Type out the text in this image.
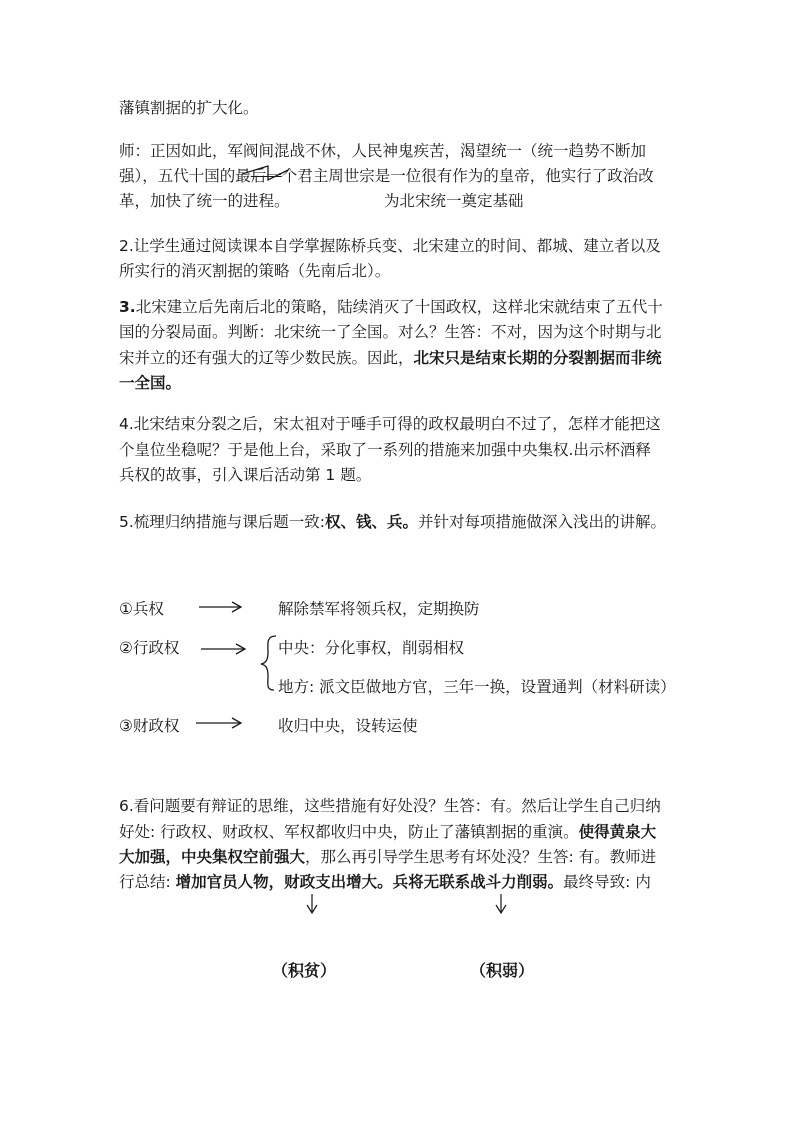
藩镇割据的扩大化。
师：正因如此，军阀间混战不休，人民神鬼疾苦，渴望统一（统一趋势不断加
强），五代十国的最后一个君主周世宗是一位很有作为的皇帝，他实行了政治改
革，加快了统一的进程。	为北宋统一奠定基础
2.让学生通过阅读课本自学掌握陈桥兵变、北宋建立的时间、都城、建立者以及
所实行的消灭割据的策略（先南后北）。
3.北宋建立后先南后北的策略，陆续消灭了十国政权，这样北宋就结束了五代十
国的分裂局面。判断：北宋统一了全国。对么？生答：不对，因为这个时期与北
宋并立的还有强大的辽等少数民族。因此，北宋只是结束长期的分裂割据而非统
一全国。
4.北宋结束分裂之后，宋太祖对于唾手可得的政权最明白不过了，怎样才能把这
个皇位坐稳呢？于是他上台，采取了一系列的措施来加强中央集权.出示杯酒释
兵权的故事，引入课后活动第 1 题。
5.梳理归纳措施与课后题一致:权、钱、兵。并针对每项措施做深入浅出的讲解。
①兵权	解除禁军将领兵权，定期换防
②行政权	中央：分化事权，削弱相权
地方: 派文臣做地方官，三年一换，设置通判（材料研读）
③财政权	收归中央，设转运使
6.看问题要有辩证的思维，这些措施有好处没？生答：有。然后让学生自己归纳
好处: 行政权、财政权、军权都收归中央，防止了藩镇割据的重演。使得黄泉大
大加强，中央集权空前强大，那么再引导学生思考有坏处没？生答: 有。教师进
行总结: 增加官员人物，财政支出增大。兵将无联系战斗力削弱。最终导致: 内
（积贫）	（积弱）
